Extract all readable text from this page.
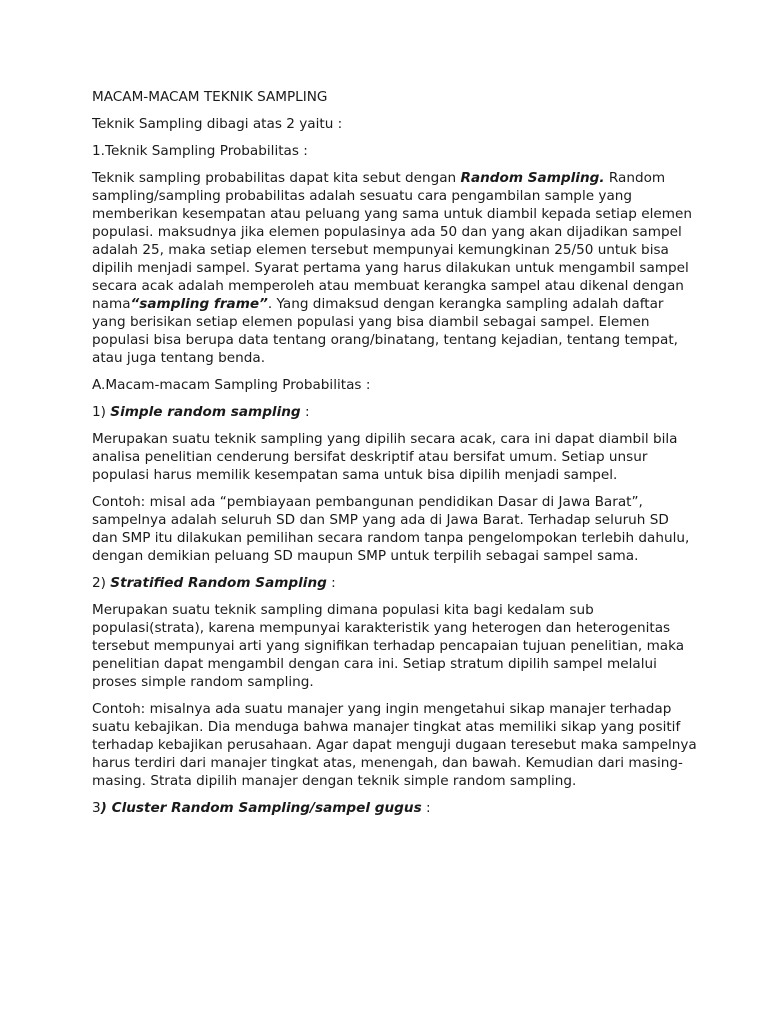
MACAM-MACAM TEKNIK SAMPLING

Teknik Sampling dibagi atas 2 yaitu :

1.Teknik Sampling Probabilitas :

Teknik sampling probabilitas dapat kita sebut dengan Random Sampling. Random sampling/sampling probabilitas adalah sesuatu cara pengambilan sample yang memberikan kesempatan atau peluang yang sama untuk diambil kepada setiap elemen populasi. maksudnya jika elemen populasinya ada 50 dan yang akan dijadikan sampel adalah 25, maka setiap elemen tersebut mempunyai kemungkinan 25/50 untuk bisa dipilih menjadi sampel. Syarat pertama yang harus dilakukan untuk mengambil sampel secara acak adalah memperoleh atau membuat kerangka sampel atau dikenal dengan nama“sampling frame”. Yang dimaksud dengan kerangka sampling adalah daftar yang berisikan setiap elemen populasi yang bisa diambil sebagai sampel. Elemen populasi bisa berupa data tentang orang/binatang, tentang kejadian, tentang tempat, atau juga tentang benda.

A.Macam-macam Sampling Probabilitas :

1) Simple random sampling :

Merupakan suatu teknik sampling yang dipilih secara acak, cara ini dapat diambil bila analisa penelitian cenderung bersifat deskriptif atau bersifat umum. Setiap unsur populasi harus memilik kesempatan sama untuk bisa dipilih menjadi sampel.

Contoh: misal ada “pembiayaan pembangunan pendidikan Dasar di Jawa Barat”, sampelnya adalah seluruh SD dan SMP yang ada di Jawa Barat. Terhadap seluruh SD dan SMP itu dilakukan pemilihan secara random tanpa pengelompokan terlebih dahulu, dengan demikian peluang SD maupun SMP untuk terpilih sebagai sampel sama.

2) Stratified Random Sampling :

Merupakan suatu teknik sampling dimana populasi kita bagi kedalam sub populasi(strata), karena mempunyai karakteristik yang heterogen dan heterogenitas tersebut mempunyai arti yang signifikan terhadap pencapaian tujuan penelitian, maka penelitian dapat mengambil dengan cara ini. Setiap stratum dipilih sampel melalui proses simple random sampling.

Contoh: misalnya ada suatu manajer yang ingin mengetahui sikap manajer terhadap suatu kebajikan. Dia menduga bahwa manajer tingkat atas memiliki sikap yang positif terhadap kebajikan perusahaan. Agar dapat menguji dugaan teresebut maka sampelnya harus terdiri dari manajer tingkat atas, menengah, dan bawah. Kemudian dari masing-masing. Strata dipilih manajer dengan teknik simple random sampling.

3) Cluster Random Sampling/sampel gugus :
